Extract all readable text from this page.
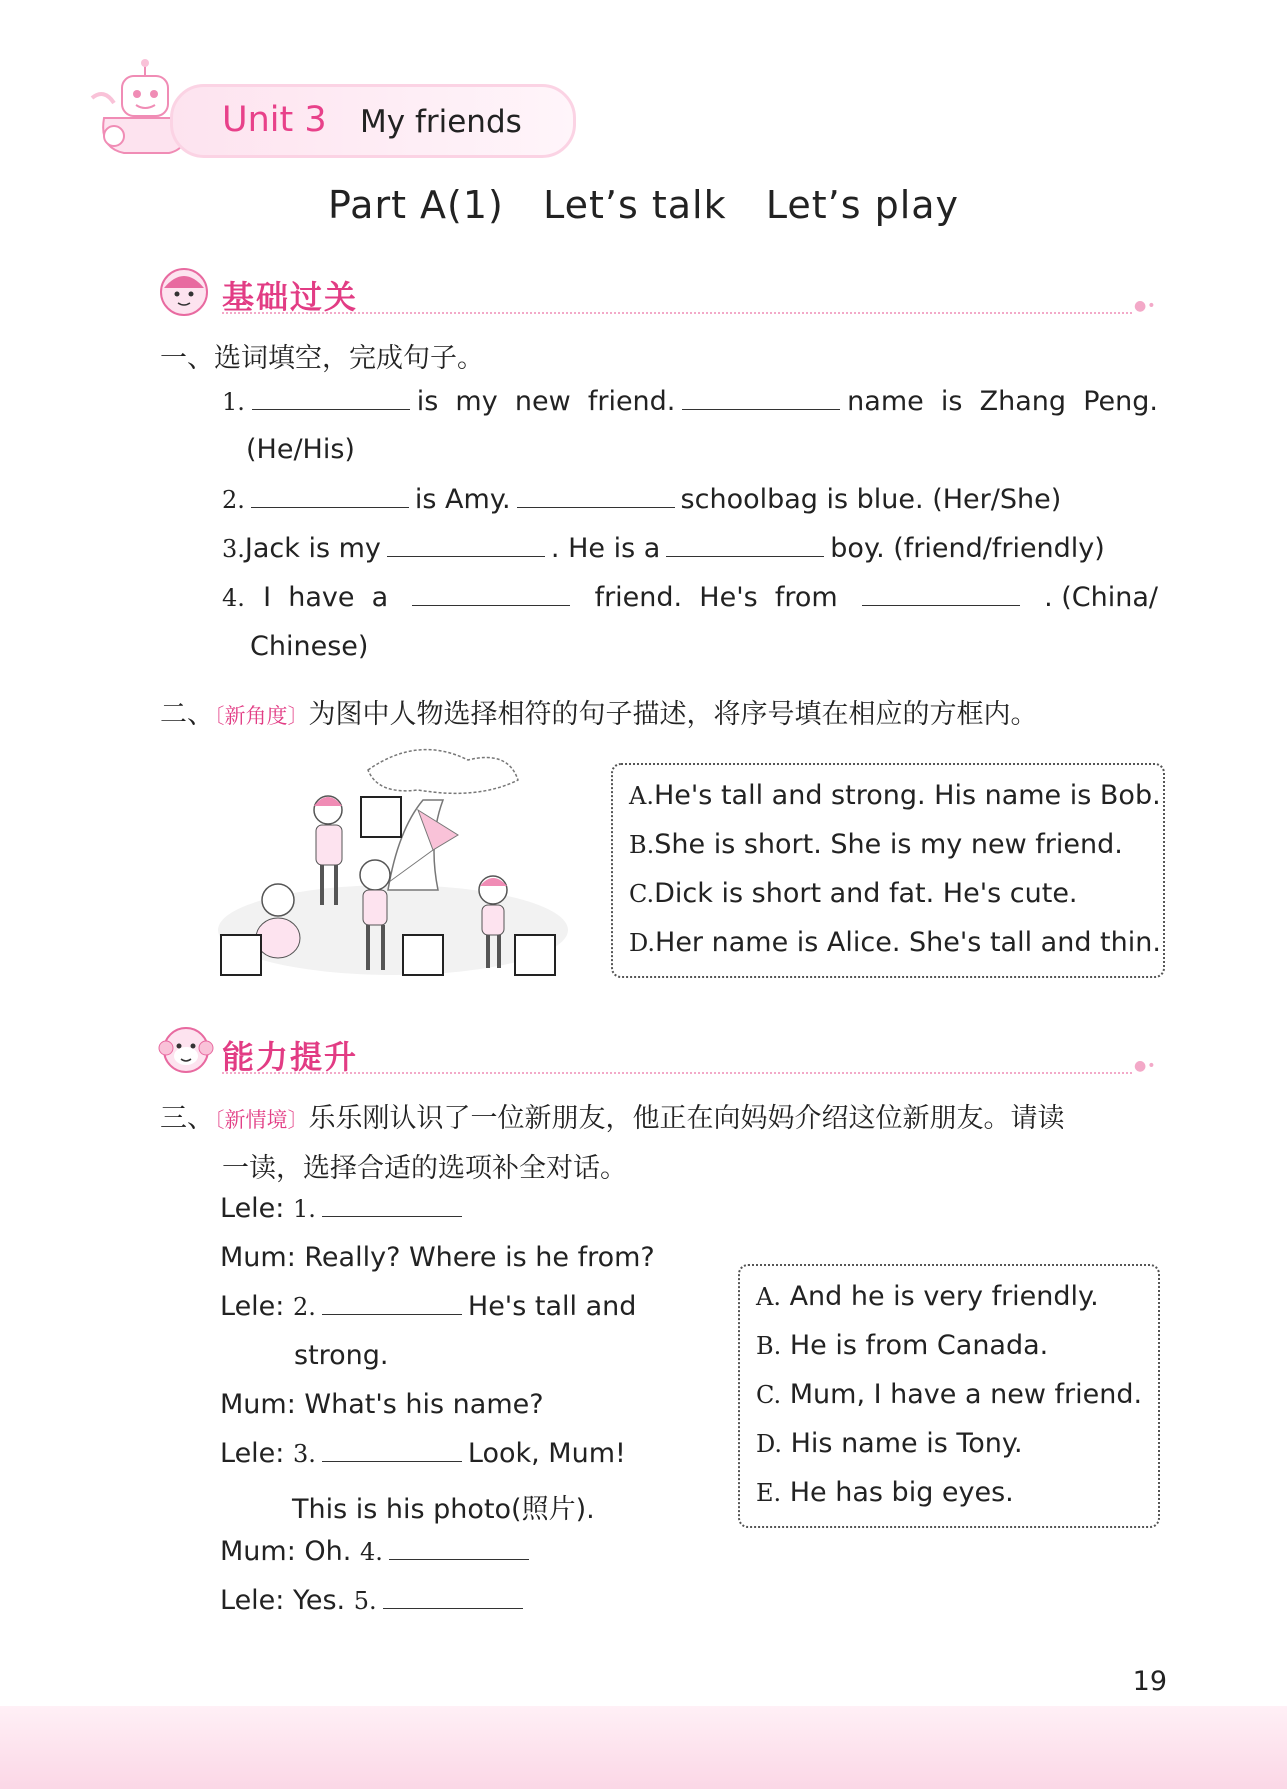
Unit 3 My friends
Part A(1)   Let’s talk   Let’s play
基础过关	●•
一、选词填空，完成句子。
1.	is  my  new  friend.	name  is  Zhang  Peng.
(He/His)
2.	is Amy.	schoolbag is blue. (Her/She)
3.Jack is my	. He is a	boy. (friend/friendly)
4. I  have  a	friend.  He's  from	. (China/
Chinese)
二、〔新角度〕为图中人物选择相符的句子描述，将序号填在相应的方框内。
A.He's tall and strong. His name is Bob.
B.She is short. She is my new friend.
C.Dick is short and fat. He's cute.
D.Her name is Alice. She's tall and thin.
能力提升	●•
三、〔新情境〕乐乐刚认识了一位新朋友，他正在向妈妈介绍这位新朋友。请读
一读，选择合适的选项补全对话。
Lele: 1.
Mum: Really? Where is he from?
Lele: 2.	He's tall and
strong.
Mum: What's his name?
Lele: 3.	Look, Mum!
This is his photo(照片).
Mum: Oh. 4.
Lele: Yes. 5.
A. And he is very friendly.
B. He is from Canada.
C. Mum, I have a new friend.
D. His name is Tony.
E. He has big eyes.
19
